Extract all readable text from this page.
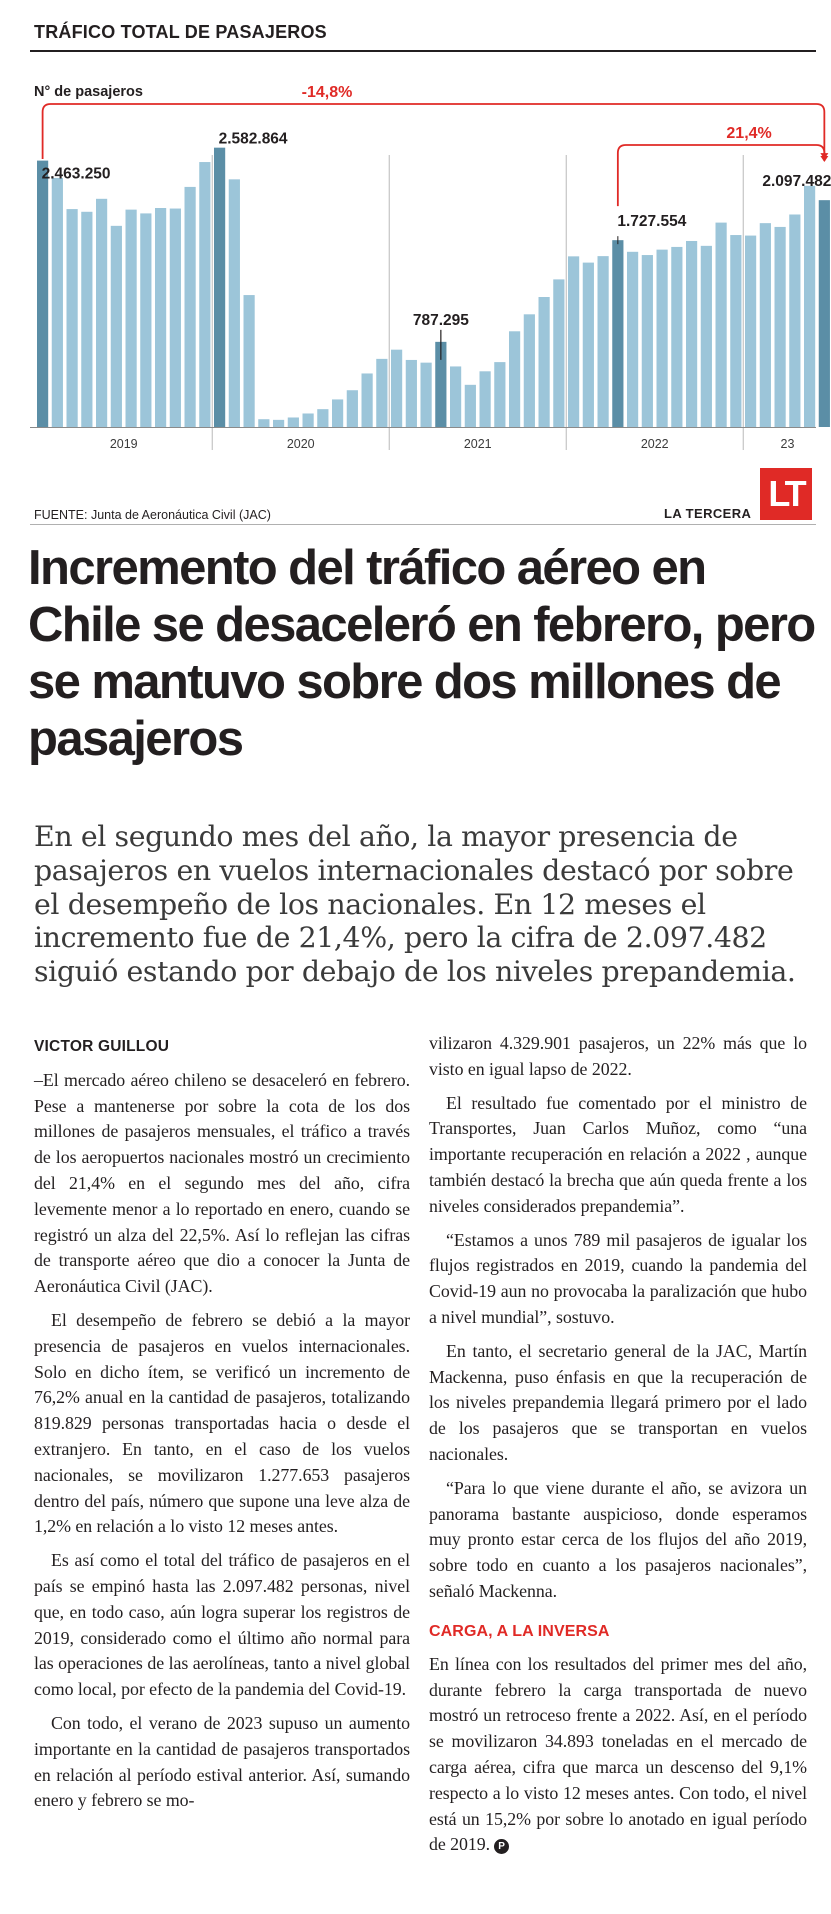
TRÁFICO TOTAL DE PASAJEROS
N° de pasajeros
2019	2020	2021	2022	23
2.463.250
2.582.864
787.295
1.727.554
2.097.482
-14,8%
21,4%
FUENTE: Junta de Aeronáutica Civil (JAC)	LA TERCERA LT
Incremento del tráfico aéreo en Chile se desaceleró en febrero, pero se mantuvo sobre dos millones de pasajeros
En el segundo mes del año, la mayor presencia de pasajeros en vuelos internacionales destacó por sobre el desempeño de los nacionales. En 12 meses el incremento fue de 21,4%, pero la cifra de 2.097.482 siguió estando por debajo de los niveles prepandemia.

VICTOR GUILLOU

–El mercado aéreo chileno se desaceleró en febrero. Pese a mantenerse por sobre la cota de los dos millones de pasajeros mensuales, el tráfico a través de los aeropuertos nacionales mostró un crecimiento del 21,4% en el segundo mes del año, cifra levemente menor a lo reportado en enero, cuando se registró un alza del 22,5%. Así lo reflejan las cifras de transporte aéreo que dio a conocer la Junta de Aeronáutica Civil (JAC).

El desempeño de febrero se debió a la mayor presencia de pasajeros en vuelos internacionales. Solo en dicho ítem, se verificó un incremento de 76,2% anual en la cantidad de pasajeros, totalizando 819.829 personas transportadas hacia o desde el extranjero. En tanto, en el caso de los vuelos nacionales, se movilizaron 1.277.653 pasajeros dentro del país, número que supone una leve alza de 1,2% en relación a lo visto 12 meses antes.

Es así como el total del tráfico de pasajeros en el país se empinó hasta las 2.097.482 personas, nivel que, en todo caso, aún logra superar los registros de 2019, considerado como el último año normal para las operaciones de las aerolíneas, tanto a nivel global como local, por efecto de la pandemia del Covid-19.

Con todo, el verano de 2023 supuso un aumento importante en la cantidad de pasajeros transportados en relación al período estival anterior. Así, sumando enero y febrero se mo-

vilizaron 4.329.901 pasajeros, un 22% más que lo visto en igual lapso de 2022.

El resultado fue comentado por el ministro de Transportes, Juan Carlos Muñoz, como “una importante recuperación en relación a 2022 , aunque también destacó la brecha que aún queda frente a los niveles considerados prepandemia”.

“Estamos a unos 789 mil pasajeros de igualar los flujos registrados en 2019, cuando la pandemia del Covid-19 aun no provocaba la paralización que hubo a nivel mundial”, sostuvo.

En tanto, el secretario general de la JAC, Martín Mackenna, puso énfasis en que la recuperación de los niveles prepandemia llegará primero por el lado de los pasajeros que se transportan en vuelos nacionales.

“Para lo que viene durante el año, se avizora un panorama bastante auspicioso, donde esperamos muy pronto estar cerca de los flujos del año 2019, sobre todo en cuanto a los pasajeros nacionales”, señaló Mackenna.

CARGA, A LA INVERSA

En línea con los resultados del primer mes del año, durante febrero la carga transportada de nuevo mostró un retroceso frente a 2022. Así, en el período se movilizaron 34.893 toneladas en el mercado de carga aérea, cifra que marca un descenso del 9,1% respecto a lo visto 12 meses antes. Con todo, el nivel está un 15,2% por sobre lo anotado en igual período de 2019. P
